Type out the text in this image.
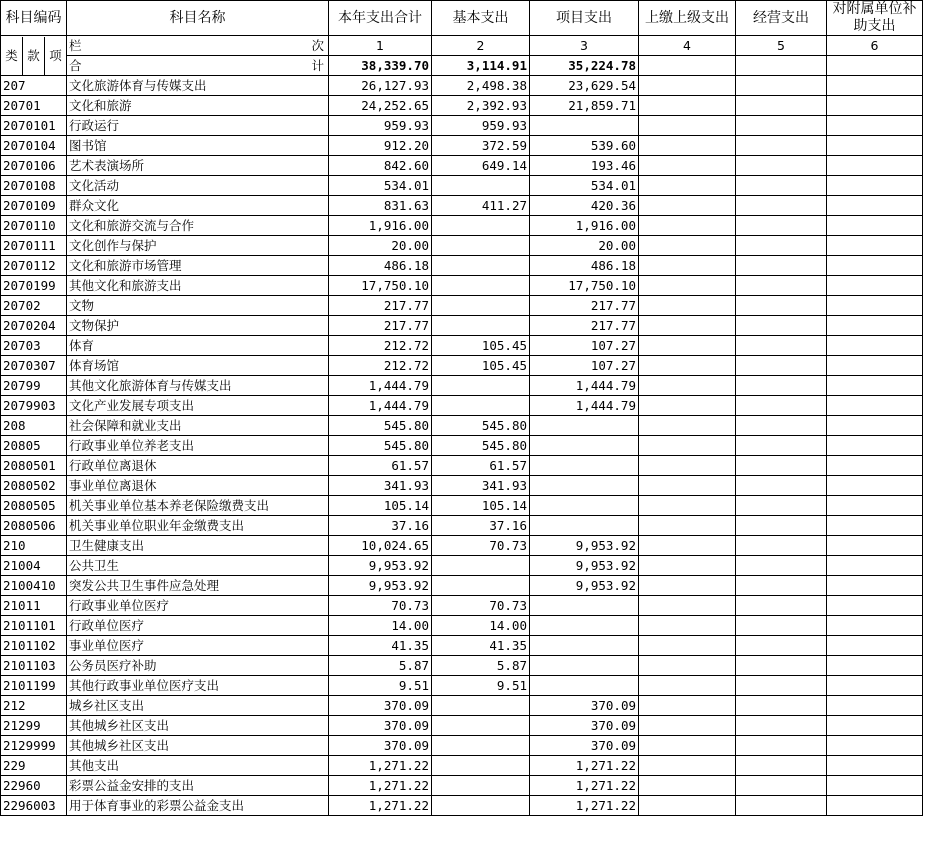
科目编码	科目名称	本年支出合计	基本支出	项目支出	上缴上级支出	经营支出	对附属单位补助支出

类 款 项	栏 次	1	2	3	4	5	6

	合 计	38,339.70	3,114.91	35,224.78			
207	文化旅游体育与传媒支出	26,127.93	2,498.38	23,629.54			
20701	文化和旅游	24,252.65	2,392.93	21,859.71			
2070101	行政运行	959.93	959.93				
2070104	图书馆	912.20	372.59	539.60			
2070106	艺术表演场所	842.60	649.14	193.46			
2070108	文化活动	534.01		534.01			
2070109	群众文化	831.63	411.27	420.36			
2070110	文化和旅游交流与合作	1,916.00		1,916.00			
2070111	文化创作与保护	20.00		20.00			
2070112	文化和旅游市场管理	486.18		486.18			
2070199	其他文化和旅游支出	17,750.10		17,750.10			
20702	文物	217.77		217.77			
2070204	文物保护	217.77		217.77			
20703	体育	212.72	105.45	107.27			
2070307	体育场馆	212.72	105.45	107.27			
20799	其他文化旅游体育与传媒支出	1,444.79		1,444.79			
2079903	文化产业发展专项支出	1,444.79		1,444.79			
208	社会保障和就业支出	545.80	545.80				
20805	行政事业单位养老支出	545.80	545.80				
2080501	行政单位离退休	61.57	61.57				
2080502	事业单位离退休	341.93	341.93				
2080505	机关事业单位基本养老保险缴费支出	105.14	105.14				
2080506	机关事业单位职业年金缴费支出	37.16	37.16				
210	卫生健康支出	10,024.65	70.73	9,953.92			
21004	公共卫生	9,953.92		9,953.92			
2100410	突发公共卫生事件应急处理	9,953.92		9,953.92			
21011	行政事业单位医疗	70.73	70.73				
2101101	行政单位医疗	14.00	14.00				
2101102	事业单位医疗	41.35	41.35				
2101103	公务员医疗补助	5.87	5.87				
2101199	其他行政事业单位医疗支出	9.51	9.51				
212	城乡社区支出	370.09		370.09			
21299	其他城乡社区支出	370.09		370.09			
2129999	其他城乡社区支出	370.09		370.09			
229	其他支出	1,271.22		1,271.22			
22960	彩票公益金安排的支出	1,271.22		1,271.22			
2296003	用于体育事业的彩票公益金支出	1,271.22		1,271.22			
